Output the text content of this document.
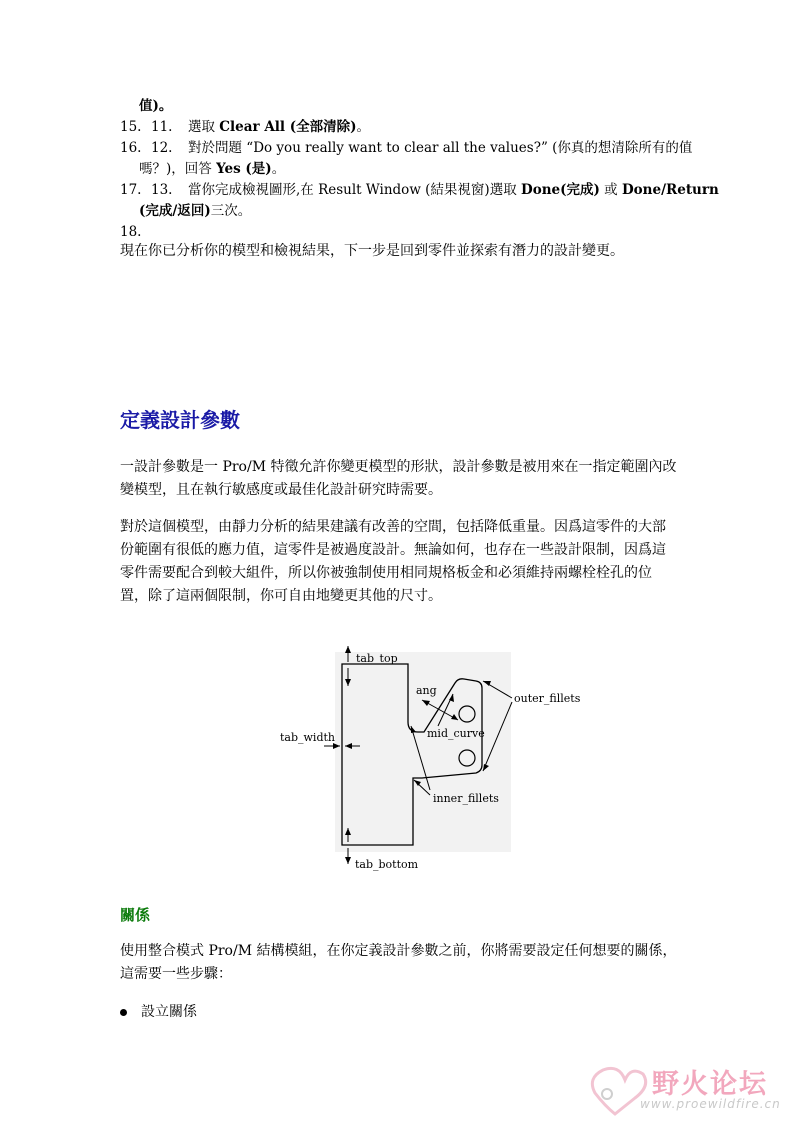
值)。
15. 11. 選取 Clear All (全部清除)。
16. 12. 對於問題 “Do you really want to clear all the values?” (你真的想清除所有的值
嗎？)，回答 Yes (是)。
17. 13. 當你完成檢視圖形,在 Result Window (結果視窗)選取 Done(完成) 或 Done/Return
(完成/返回)三次。
18.
現在你已分析你的模型和檢視結果，下一步是回到零件並探索有潛力的設計變更。
定義設計參數
一設計參數是一 Pro/M 特徵允許你變更模型的形狀，設計參數是被用來在一指定範圍內改
變模型，且在執行敏感度或最佳化設計研究時需要。
對於這個模型，由靜力分析的結果建議有改善的空間，包括降低重量。因爲這零件的大部
份範圍有很低的應力值，這零件是被過度設計。無論如何，也存在一些設計限制，因爲這
零件需要配合到較大組件，所以你被強制使用相同規格板金和必須維持兩螺栓栓孔的位
置，除了這兩個限制，你可自由地變更其他的尺寸。
tab_top
tab_width
tab_bottom
ang
mid_curve
outer_fillets
inner_fillets
關係
使用整合模式 Pro/M 結構模組，在你定義設計參數之前，你將需要設定任何想要的關係，
這需要一些步驟：
設立關係
野火论坛
www.proewildfire.cn
